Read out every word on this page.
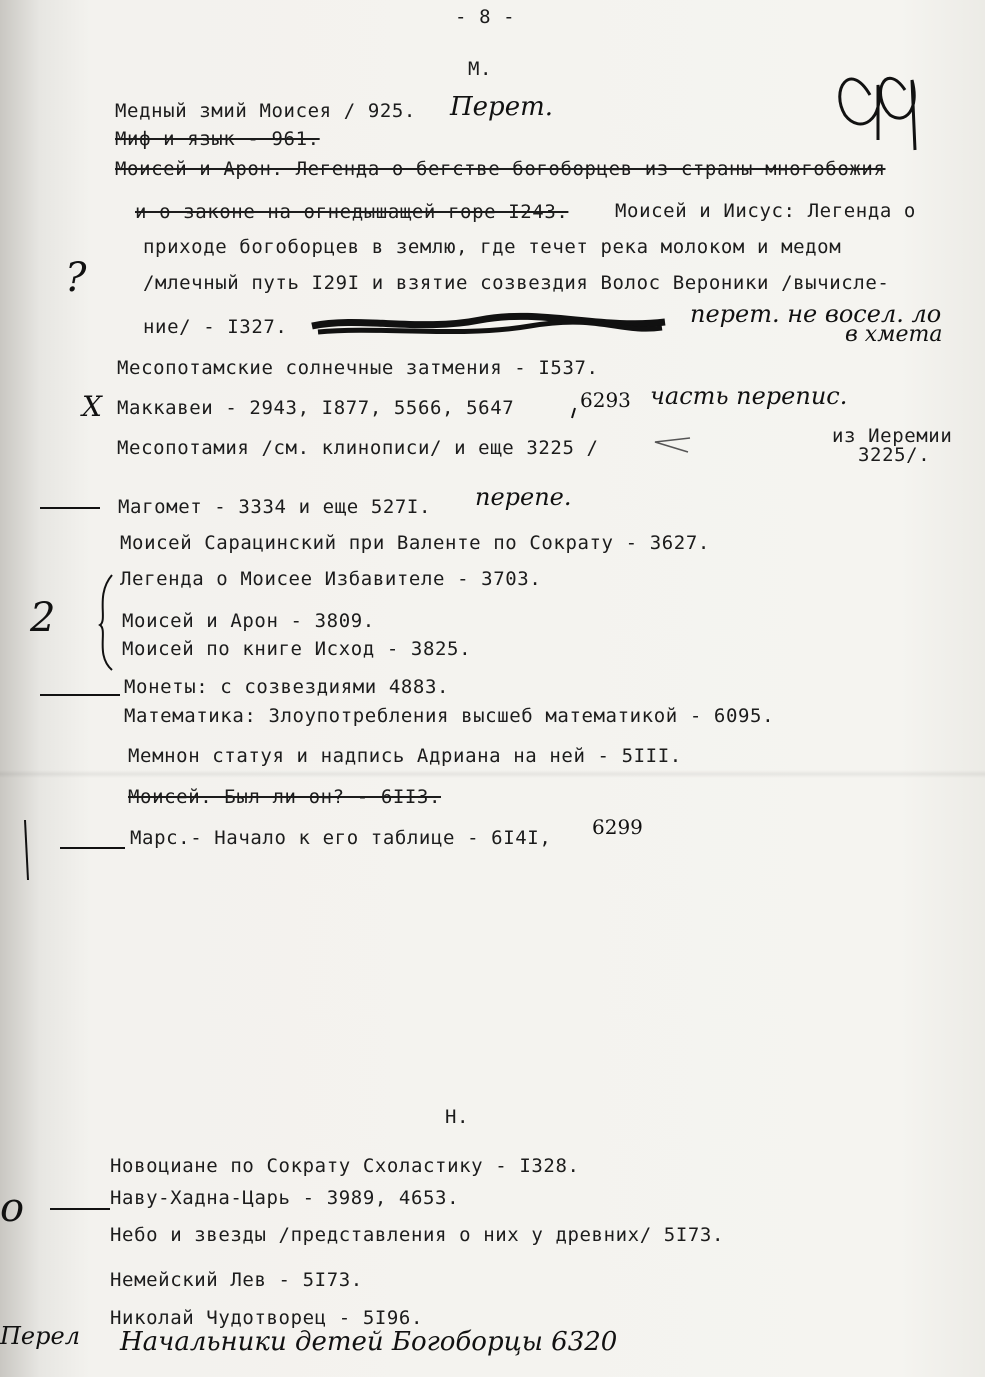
- 8 -
М.
Медный змий Моисея / 925.
Миф и язык - 961.
Моисей и Арон. Легенда о бегстве богоборцев из страны многобожия
и о законе на огнедышащей горе I243. Моисей и Иисус: Легенда о
приходе богоборцев в землю, где течет река молоком и медом
/млечный путь I29I и взятие созвездия Волос Вероники /вычисле-
ние/ - I327.
Месопотамские солнечные затмения - I537.
Маккавеи - 2943, I877, 5566, 5647
Месопотамия /см. клинописи/ и еще 3225 /
из Иеремии
3225/.
Магомет - 3334 и еще 527I.
Моисей Сарацинский при Валенте по Сократу - 3627.
Легенда о Моисее Избавителе - 3703.
Моисей и Арон - 3809.
Моисей по книге Исход - 3825.
Монеты: с созвездиями 4883.
Математика: Злоупотребления высшеб математикой - 6095.
Мемнон статуя и надпись Адриана на ней - 5III.
Моисей. Был ли он? - 6II3.
Марс.- Начало к его таблице - 6I4I,
Н.
Новоциане по Сократу Схоластику - I328.
Наву-Хадна-Царь - 3989, 4653.
Небо и звезды /представления о них у древних/ 5I73.
Немейский Лев - 5I73.
Николай Чудотворец - 5I96.
Перет.
перет. не восел. ло
в хмета
6293 часть перепис.
перепе.
6299
?
X
2
o
Перел Начальники детей Богоборцы 6320
